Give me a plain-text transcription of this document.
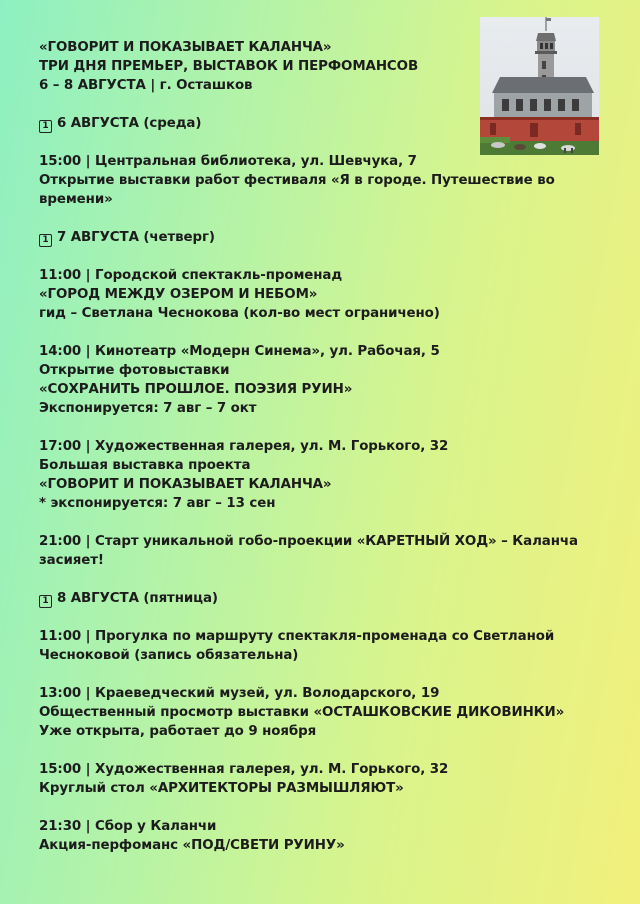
«ГОВОРИТ И ПОКАЗЫВАЕТ КАЛАНЧА»
ТРИ ДНЯ ПРЕМЬЕР, ВЫСТАВОК И ПЕРФОМАНСОВ
6 – 8 АВГУСТА | г. Осташков
1 6 АВГУСТА (среда)
15:00 | Центральная библиотека, ул. Шевчука, 7
Открытие выставки работ фестиваля «Я в городе. Путешествие во
времени»
1 7 АВГУСТА (четверг)
11:00 | Городской спектакль-променад
«ГОРОД МЕЖДУ ОЗЕРОМ И НЕБОМ»
гид – Светлана Чеснокова (кол-во мест ограничено)
14:00 | Кинотеатр «Модерн Синема», ул. Рабочая, 5
Открытие фотовыставки
«СОХРАНИТЬ ПРОШЛОЕ. ПОЭЗИЯ РУИН»
Экспонируется: 7 авг – 7 окт
17:00 | Художественная галерея, ул. М. Горького, 32
Большая выставка проекта
«ГОВОРИТ И ПОКАЗЫВАЕТ КАЛАНЧА»
* экспонируется: 7 авг – 13 сен
21:00 | Старт уникальной гобо-проекции «КАРЕТНЫЙ ХОД» – Каланча
засияет!
1 8 АВГУСТА (пятница)
11:00 | Прогулка по маршруту спектакля-променада со Светланой
Чесноковой (запись обязательна)
13:00 | Краеведческий музей, ул. Володарского, 19
Общественный просмотр выставки «ОСТАШКОВСКИЕ ДИКОВИНКИ»
Уже открыта, работает до 9 ноября
15:00 | Художественная галерея, ул. М. Горького, 32
Круглый стол «АРХИТЕКТОРЫ РАЗМЫШЛЯЮТ»
21:30 | Сбор у Каланчи
Акция-перфоманс «ПОД/СВЕТИ РУИНУ»
